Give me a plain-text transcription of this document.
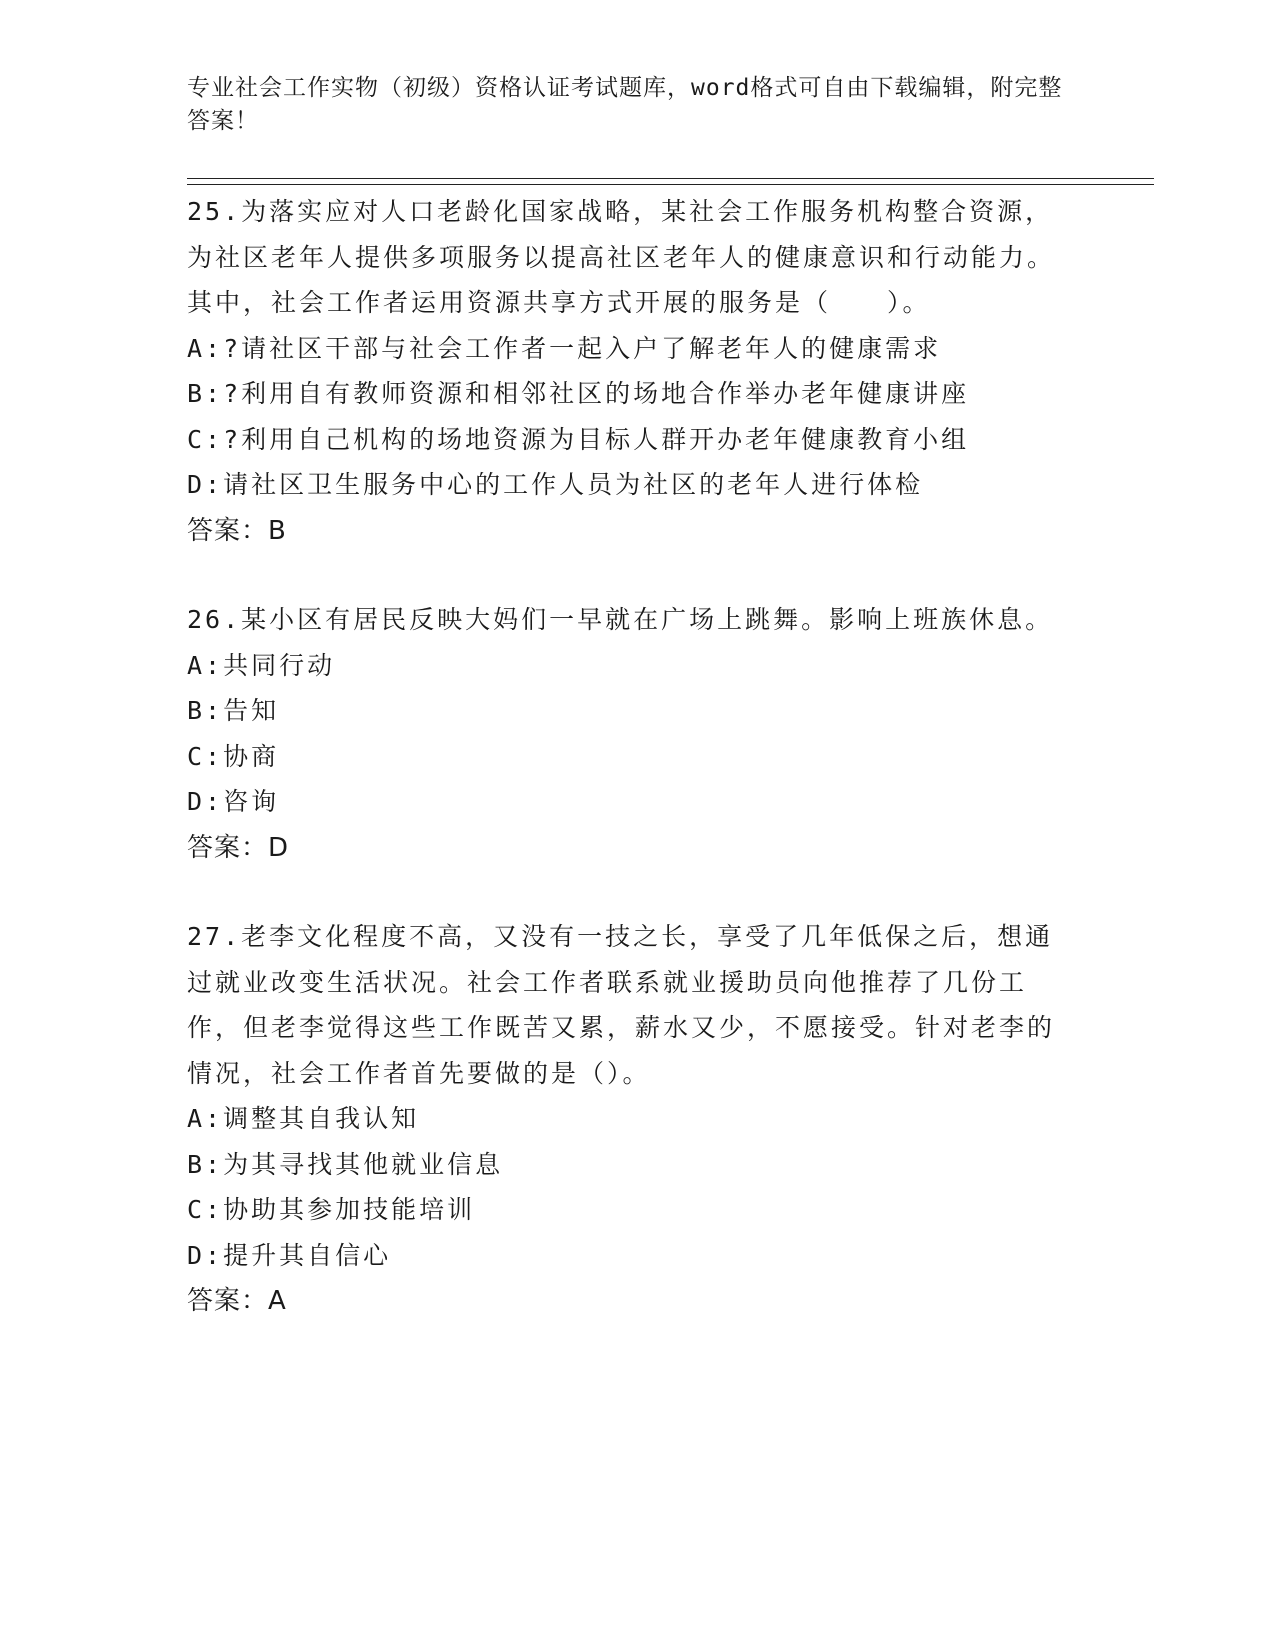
专业社会工作实物（初级）资格认证考试题库，word格式可自由下载编辑，附完整答案！

25.为落实应对人口老龄化国家战略，某社会工作服务机构整合资源，为社区老年人提供多项服务以提高社区老年人的健康意识和行动能力。其中，社会工作者运用资源共享方式开展的服务是（　　）。

A:?请社区干部与社会工作者一起入户了解老年人的健康需求

B:?利用自有教师资源和相邻社区的场地合作举办老年健康讲座

C:?利用自己机构的场地资源为目标人群开办老年健康教育小组

D:请社区卫生服务中心的工作人员为社区的老年人进行体检

答案：B

26.某小区有居民反映大妈们一早就在广场上跳舞。影响上班族休息。

A:共同行动

B:告知

C:协商

D:咨询

答案：D

27.老李文化程度不高，又没有一技之长，享受了几年低保之后，想通过就业改变生活状况。社会工作者联系就业援助员向他推荐了几份工作，但老李觉得这些工作既苦又累，薪水又少，不愿接受。针对老李的情况，社会工作者首先要做的是（）。

A:调整其自我认知

B:为其寻找其他就业信息

C:协助其参加技能培训

D:提升其自信心

答案：A
